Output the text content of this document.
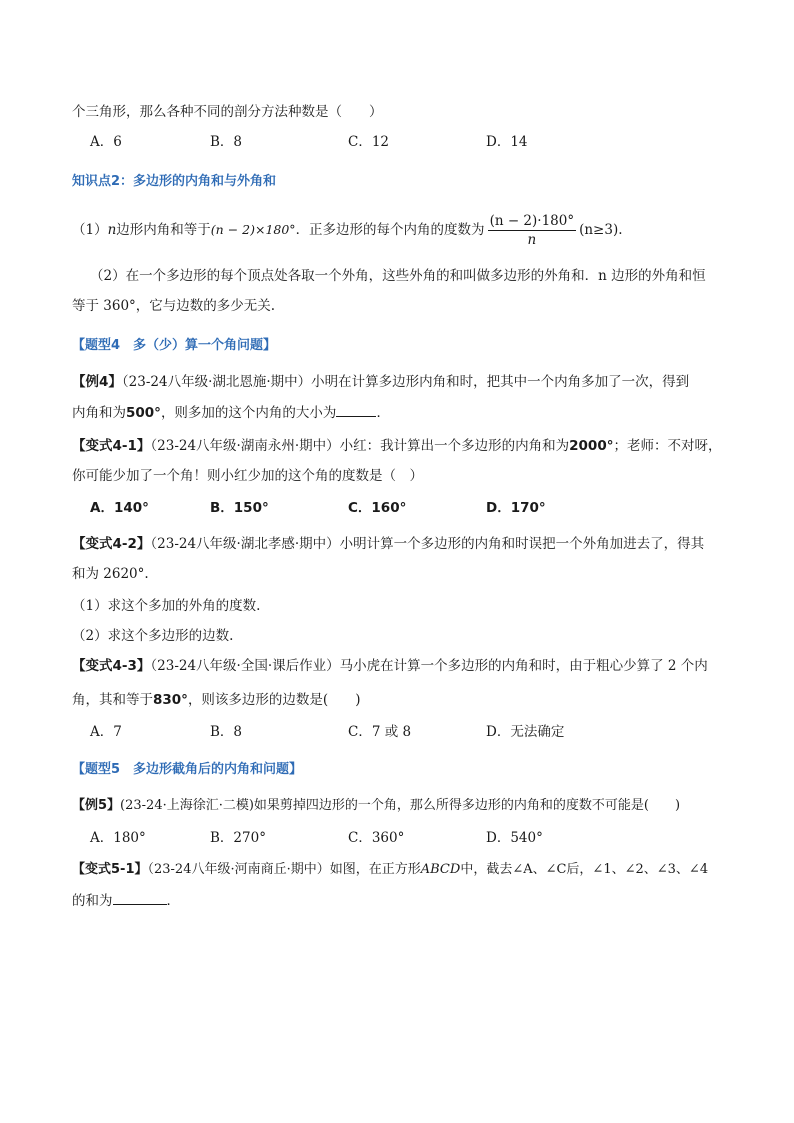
个三角形，那么各种不同的剖分方法种数是（　　）
A．6	B．8	C．12	D．14
知识点2：多边形的内角和与外角和
（1）n边形内角和等于(n − 2)×180°．正多边形的每个内角的度数为 $\frac{(n - 2)\cdot 180^\circ}{n} (n\ge 3)$.
（2）在一个多边形的每个顶点处各取一个外角，这些外角的和叫做多边形的外角和．n 边形的外角和恒
等于 360°，它与边数的多少无关.
【题型4　多（少）算一个角问题】
【例4】（23-24八年级·湖北恩施·期中）小明在计算多边形内角和时，把其中一个内角多加了一次，得到
内角和为500°，则多加的这个内角的大小为	．
【变式4-1】（23-24八年级·湖南永州·期中）小红：我计算出一个多边形的内角和为2000°；老师：不对呀，
你可能少加了一个角！则小红少加的这个角的度数是（　）
A．140°	B．150°	C．160°	D．170°
【变式4-2】（23-24八年级·湖北孝感·期中）小明计算一个多边形的内角和时误把一个外角加进去了，得其
和为 2620°.
（1）求这个多加的外角的度数.
（2）求这个多边形的边数.
【变式4-3】（23-24八年级·全国·课后作业）马小虎在计算一个多边形的内角和时，由于粗心少算了 2 个内
角，其和等于830°，则该多边形的边数是(　　)
A．7	B．8	C．7 或 8	D．无法确定
【题型5　多边形截角后的内角和问题】
【例5】(23-24·上海徐汇·二模)如果剪掉四边形的一个角，那么所得多边形的内角和的度数不可能是(　　)
A．180°	B．270°	C．360°	D．540°
【变式5-1】（23-24八年级·河南商丘·期中）如图，在正方形ABCD中，截去∠A、∠C后，∠1、∠2、∠3、∠4
的和为	．
